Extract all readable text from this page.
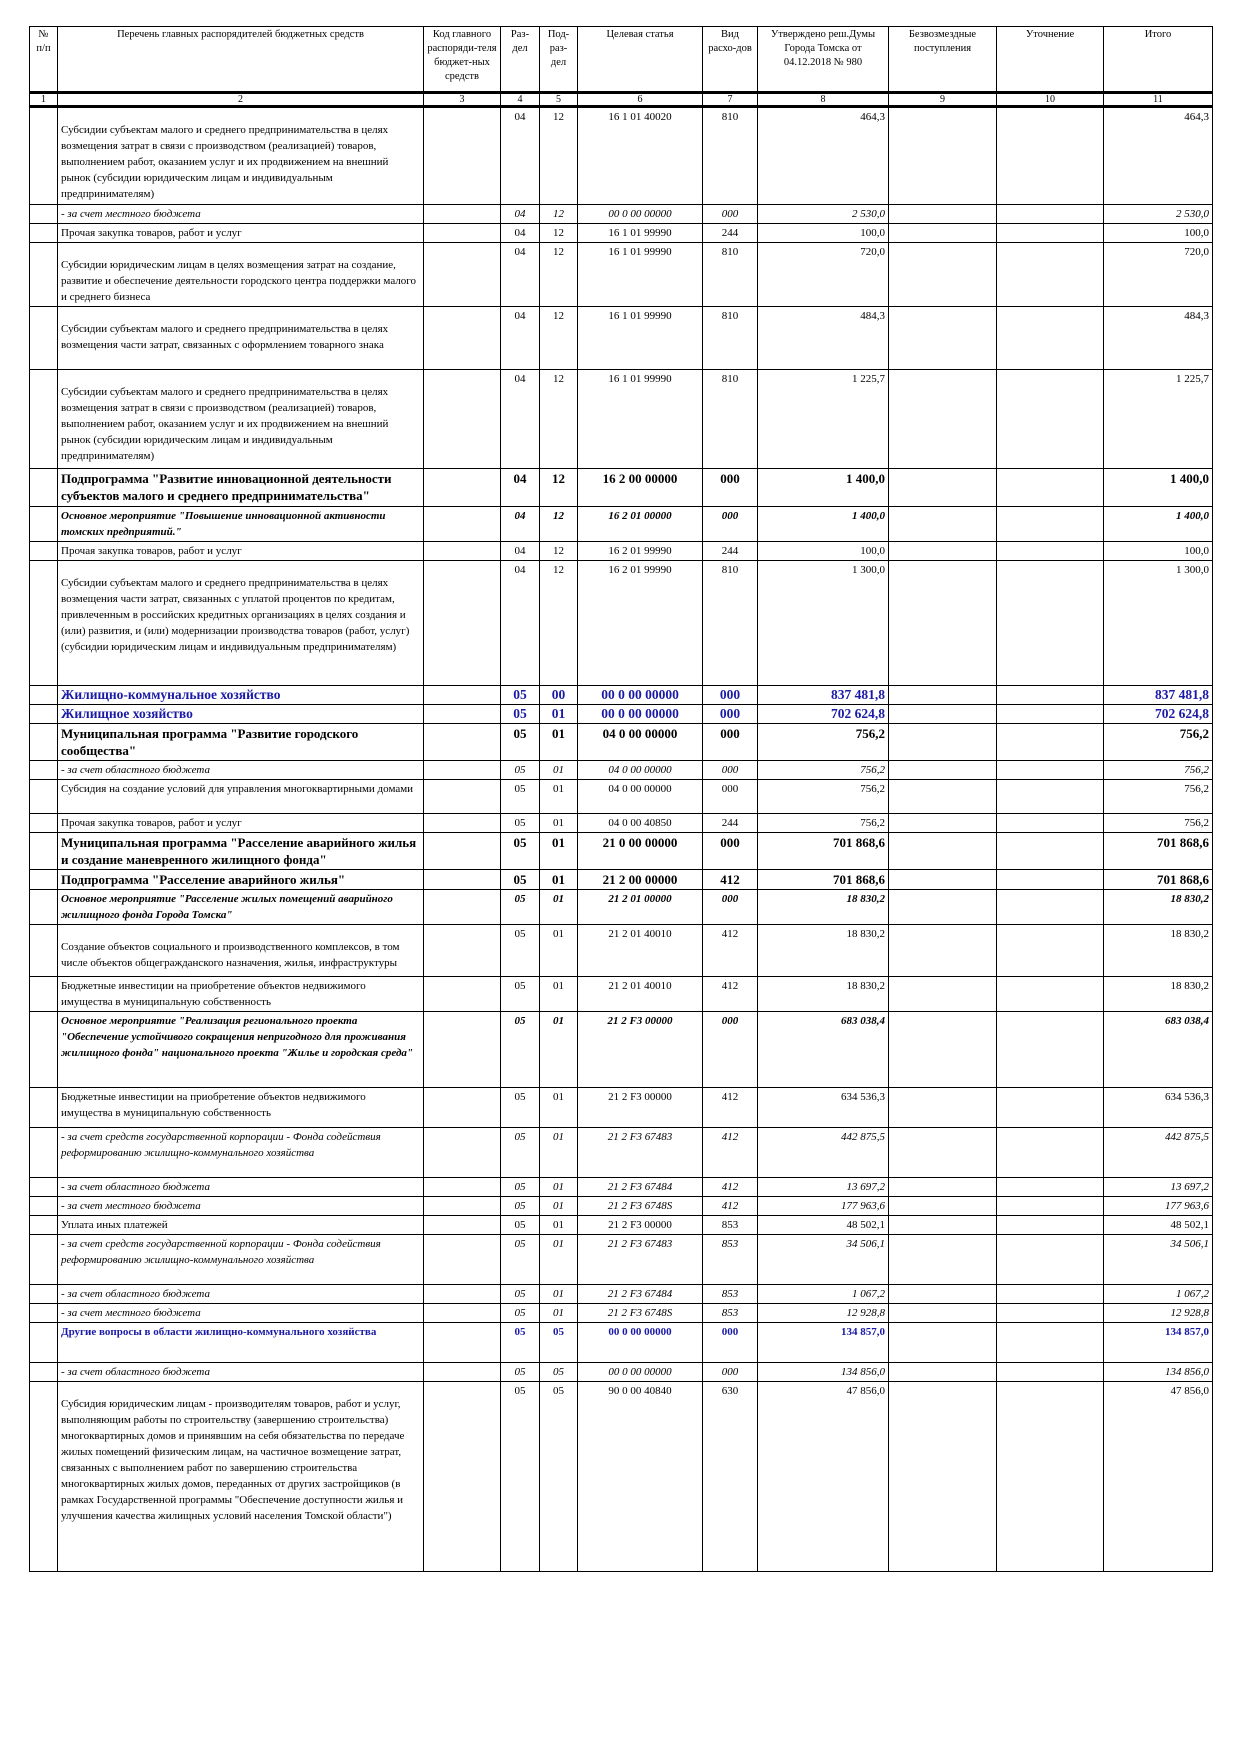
№ п/п	Перечень главных распорядителей бюджетных средств	Код главного распоряди-теля бюджет-ных средств	Раз-дел	Под-раз-дел	Целевая статья	Вид расхо-дов	Утверждено реш.Думы Города Томска от 04.12.2018 № 980	Безвозмездные поступления	Уточнение	Итого
1	2	3	4	5	6	7	8	9	10	11
	Субсидии субъектам малого и среднего предпринимательства в целях возмещения затрат в связи с производством (реализацией) товаров, выполнением работ, оказанием услуг и их продвижением на внешний рынок (субсидии юридическим лицам и индивидуальным предпринимателям)		04	12	16 1 01 40020	810	464,3			464,3
	- за счет местного бюджета		04	12	00 0 00 00000	000	2 530,0			2 530,0
	Прочая закупка товаров, работ и услуг		04	12	16 1 01 99990	244	100,0			100,0
	Субсидии юридическим лицам в целях возмещения затрат на создание, развитие и обеспечение деятельности городского центра поддержки малого и среднего бизнеса		04	12	16 1 01 99990	810	720,0			720,0
	Субсидии субъектам малого и среднего предпринимательства в целях возмещения части затрат, связанных с оформлением товарного знака		04	12	16 1 01 99990	810	484,3			484,3
	Субсидии субъектам малого и среднего предпринимательства в целях возмещения затрат в связи с производством (реализацией) товаров, выполнением работ, оказанием услуг и их продвижением на внешний рынок (субсидии юридическим лицам и индивидуальным предпринимателям)		04	12	16 1 01 99990	810	1 225,7			1 225,7
	Подпрограмма "Развитие инновационной деятельности субъектов малого и среднего предпринимательства"		04	12	16 2 00 00000	000	1 400,0			1 400,0
	Основное мероприятие "Повышение инновационной активности томских предприятий."		04	12	16 2 01 00000	000	1 400,0			1 400,0
	Прочая закупка товаров, работ и услуг		04	12	16 2 01 99990	244	100,0			100,0
	Субсидии субъектам малого и среднего предпринимательства в целях возмещения части затрат, связанных с уплатой процентов по кредитам, привлеченным в российских кредитных организациях в целях создания и (или) развития, и (или) модернизации производства товаров (работ, услуг) (субсидии юридическим лицам и индивидуальным предпринимателям)		04	12	16 2 01 99990	810	1 300,0			1 300,0
	Жилищно-коммунальное хозяйство		05	00	00 0 00 00000	000	837 481,8			837 481,8
	Жилищное хозяйство		05	01	00 0 00 00000	000	702 624,8			702 624,8
	Муниципальная программа "Развитие городского сообщества"		05	01	04 0 00 00000	000	756,2			756,2
	- за счет областного бюджета		05	01	04 0 00 00000	000	756,2			756,2
	Субсидия на создание условий для управления многоквартирными домами		05	01	04 0 00 00000	000	756,2			756,2
	Прочая закупка товаров, работ и услуг		05	01	04 0 00 40850	244	756,2			756,2
	Муниципальная программа "Расселение аварийного жилья и создание маневренного жилищного фонда"		05	01	21 0 00 00000	000	701 868,6			701 868,6
	Подпрограмма "Расселение аварийного жилья"		05	01	21 2 00 00000	412	701 868,6			701 868,6
	Основное мероприятие "Расселение жилых помещений аварийного жилищного фонда Города Томска"		05	01	21 2 01 00000	000	18 830,2			18 830,2
	Создание объектов социального и производственного комплексов, в том числе объектов общегражданского назначения, жилья, инфраструктуры		05	01	21 2 01 40010	412	18 830,2			18 830,2
	Бюджетные инвестиции на приобретение объектов недвижимого имущества в муниципальную собственность		05	01	21 2 01 40010	412	18 830,2			18 830,2
	Основное мероприятие "Реализация регионального проекта "Обеспечение устойчивого сокращения непригодного для проживания жилищного фонда" национального проекта "Жилье и городская среда"		05	01	21 2 F3 00000	000	683 038,4			683 038,4
	Бюджетные инвестиции на приобретение объектов недвижимого имущества в муниципальную собственность		05	01	21 2 F3 00000	412	634 536,3			634 536,3
	- за счет средств государственной корпорации - Фонда содействия реформированию жилищно-коммунального хозяйства		05	01	21 2 F3 67483	412	442 875,5			442 875,5
	- за счет областного бюджета		05	01	21 2 F3 67484	412	13 697,2			13 697,2
	- за счет местного бюджета		05	01	21 2 F3 6748S	412	177 963,6			177 963,6
	Уплата иных платежей		05	01	21 2 F3 00000	853	48 502,1			48 502,1
	- за счет средств государственной корпорации - Фонда содействия реформированию жилищно-коммунального хозяйства		05	01	21 2 F3 67483	853	34 506,1			34 506,1
	- за счет областного бюджета		05	01	21 2 F3 67484	853	1 067,2			1 067,2
	- за счет местного бюджета		05	01	21 2 F3 6748S	853	12 928,8			12 928,8
	Другие вопросы в области жилищно-коммунального хозяйства		05	05	00 0 00 00000	000	134 857,0			134 857,0
	- за счет областного бюджета		05	05	00 0 00 00000	000	134 856,0			134 856,0
	Субсидия юридическим лицам - производителям товаров, работ и услуг, выполняющим работы по строительству (завершению строительства) многоквартирных домов и принявшим на себя обязательства по передаче жилых помещений физическим лицам, на частичное возмещение затрат, связанных с выполнением работ по завершению строительства многоквартирных жилых домов, переданных от других застройщиков (в рамках Государственной программы "Обеспечение доступности жилья и улучшения качества жилищных условий населения Томской области")		05	05	90 0 00 40840	630	47 856,0			47 856,0
